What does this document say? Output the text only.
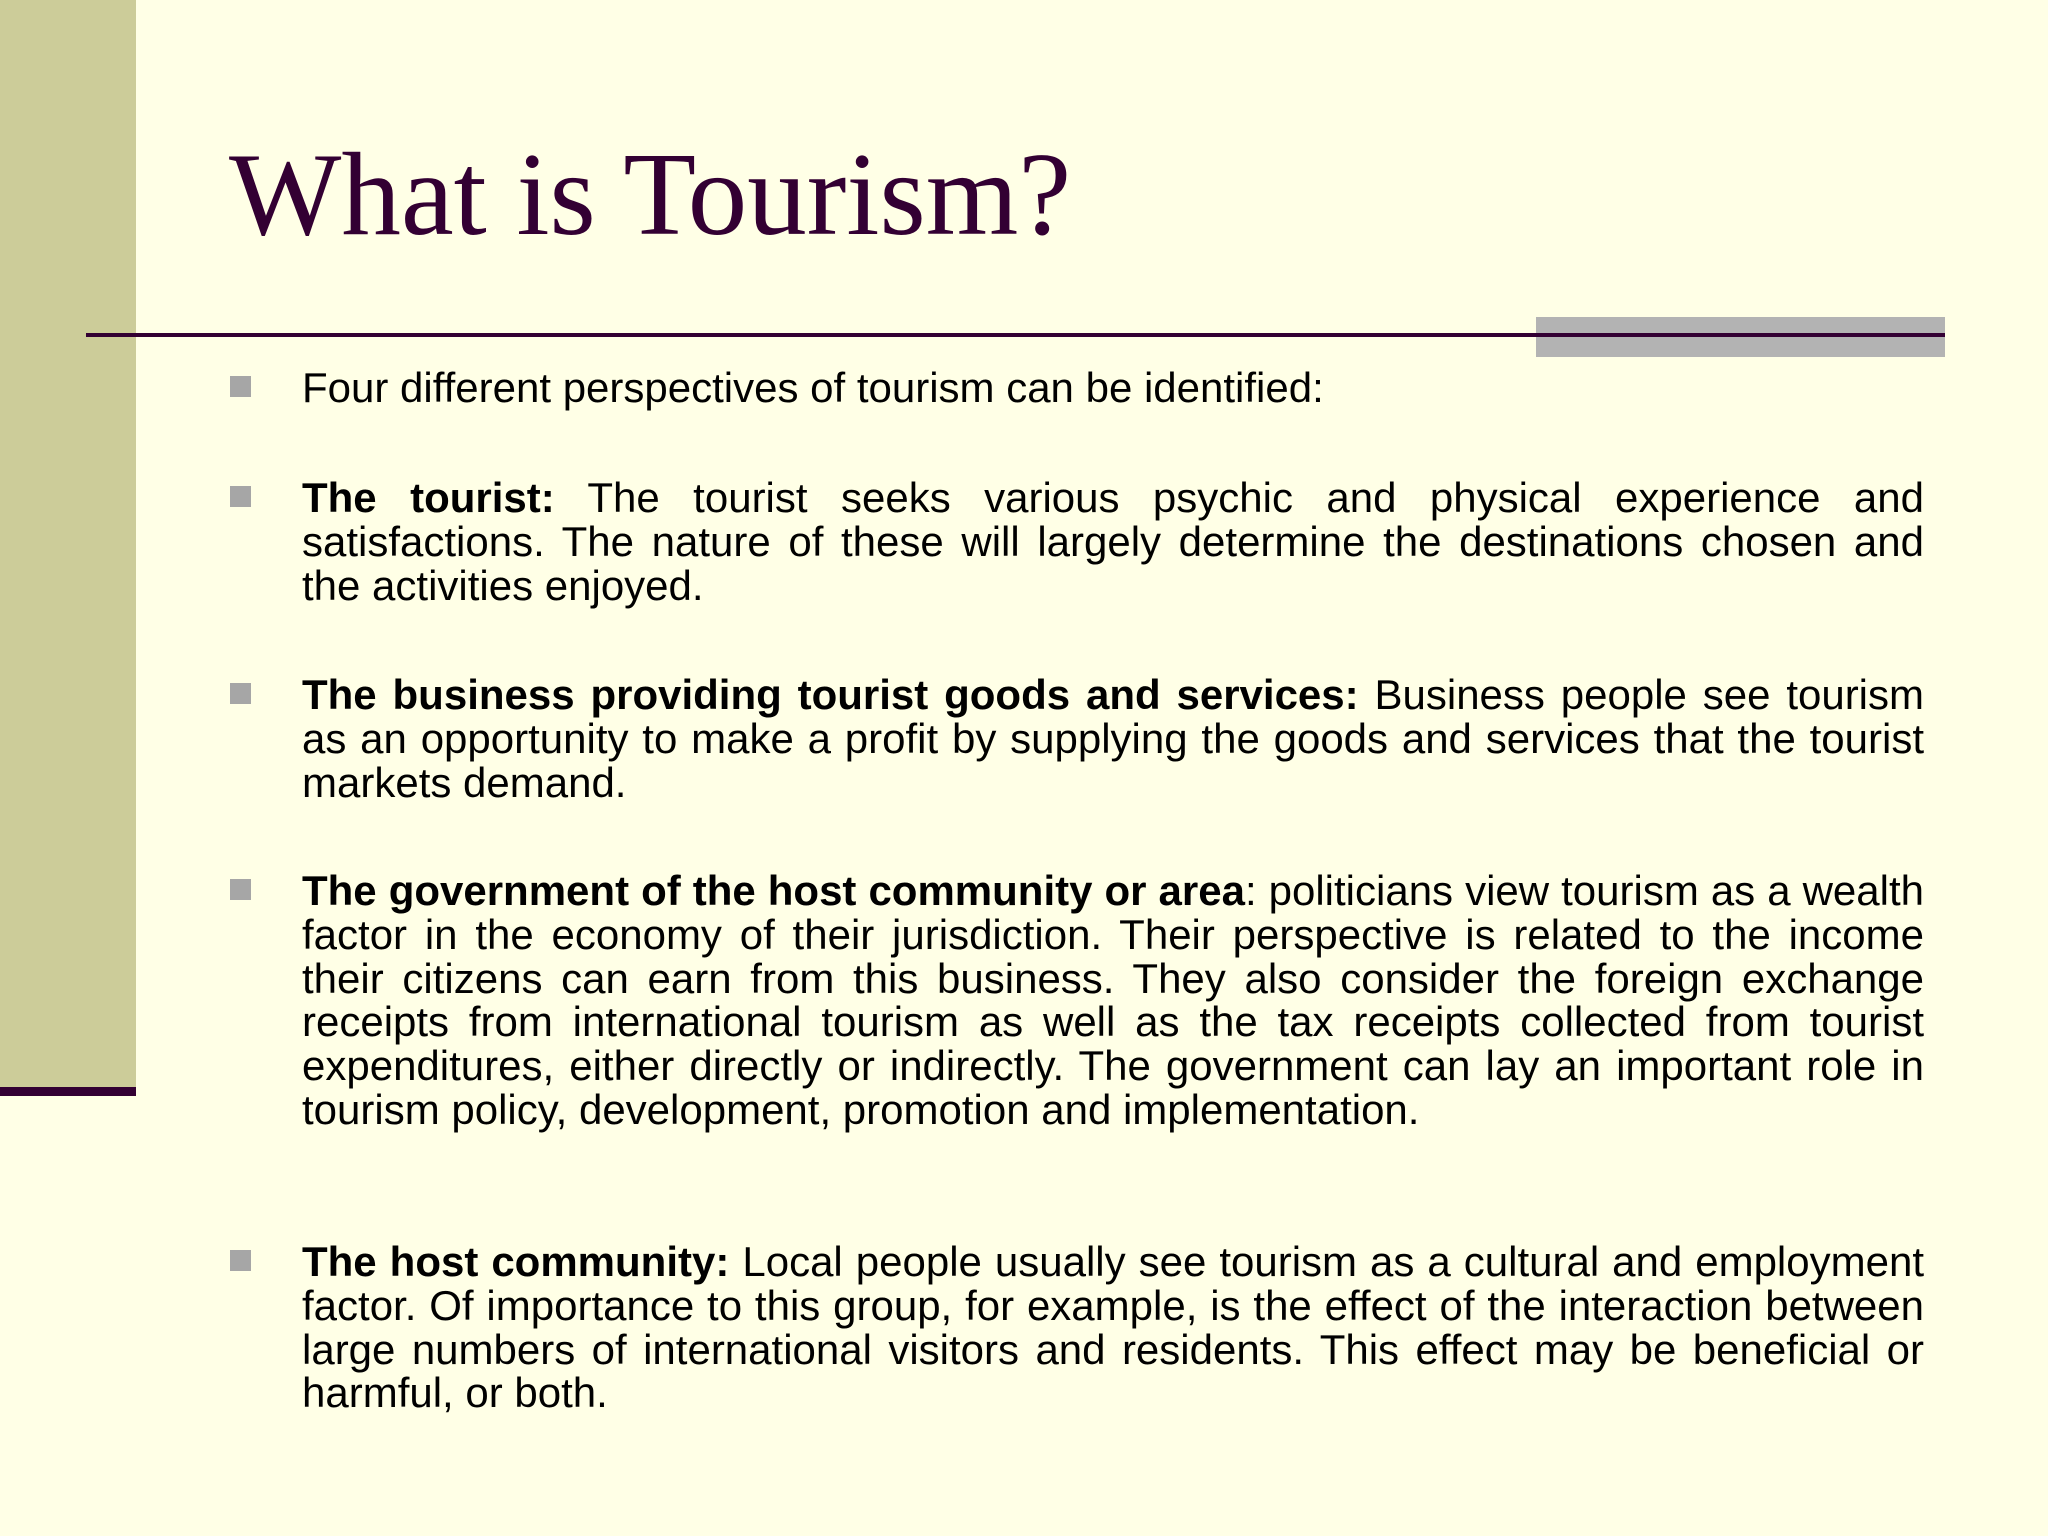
What is Tourism?

Four different perspectives of tourism can be identified:

The tourist: The tourist seeks various psychic and physical experience and satisfactions. The nature of these will largely determine the destinations chosen and the activities enjoyed.

The business providing tourist goods and services: Business people see tourism as an opportunity to make a profit by supplying the goods and services that the tourist markets demand.

The government of the host community or area: politicians view tourism as a wealth factor in the economy of their jurisdiction. Their perspective is related to the income their citizens can earn from this business. They also consider the foreign exchange receipts from international tourism as well as the tax receipts collected from tourist expenditures, either directly or indirectly. The government can lay an important role in tourism policy, development, promotion and implementation.

The host community: Local people usually see tourism as a cultural and employment factor. Of importance to this group, for example, is the effect of the interaction between large numbers of international visitors and residents. This effect may be beneficial or harmful, or both.
